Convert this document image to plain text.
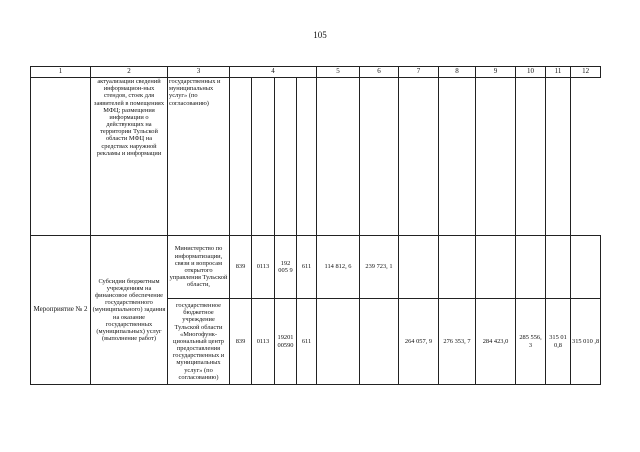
105
1	2	3	4				5	6	7	8	9	10	11	12
	актуализации сведений информацион-ных стендов, стоек для заявителей в помещениях МФЦ; размещения информации о действующих на территории Тульской области МФЦ на средствах наружной рекламы и информации	государственных и муниципальных услуг» (по согласованию)												
Мероприятие № 2	Субсидии бюджетным учреждениям на финансовое обеспечение государственного (муниципального) задания на оказание государственных (муниципальных) услуг (выполнение работ)	Министерство по информатизации, связи и вопросам открытого управления Тульской области,	839	0113	192 005 9	611	114 812, 6	239 723, 1						
		государственное бюджетное учреждение Тульской области «Многофунк-циональный центр предоставления государственных и муниципальных услуг» (по согласованию)	839	0113	19201 00590	611			264 057, 9	276 353, 7	284 423,0	285 556, 3	315 01 0,8	315 010 ,8
